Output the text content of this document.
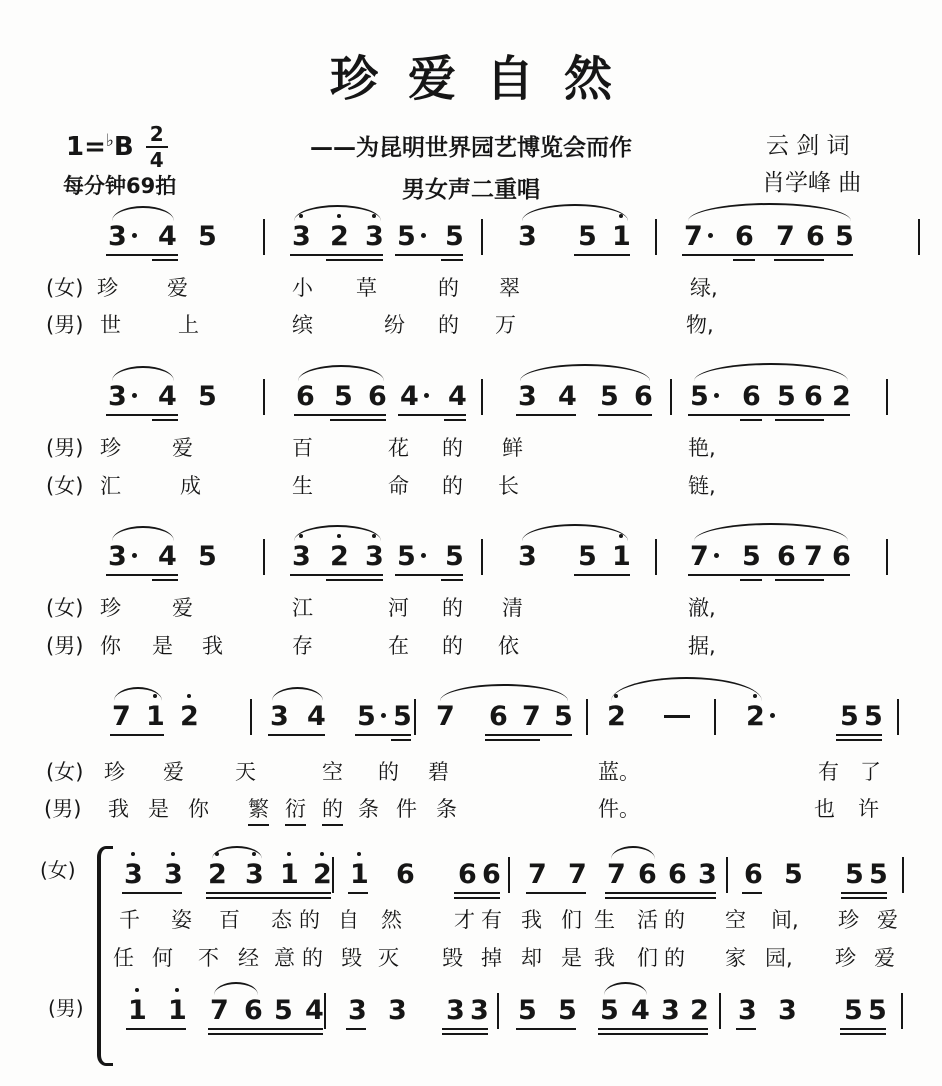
珍爱自然
$1=^♭B \frac{2}{4}$	——为昆明世界园艺博览会而作
每分钟69拍	男女声二重唱
云 剑 词
肖学峰 曲
3	4 5	3 2 3 5	5 3 5 1 7	6 7 6 5
(女) 珍 爱	小 草	的 翠	绿,
(男) 世	上	缤	纷 的 万	物,
3	4 5	6 5 6 4	4 3 4 5 6 5	6 5 6 2
(男) 珍 爱	百	花 的 鲜	艳,
(女) 汇	成	生	命 的 长	链,
3	4 5	3 2 3 5	5 3 5 1 7	5 6 7 6
(女) 珍 爱	江	河 的 清	澈,
(男) 你 是 我	存	在 的 依	据,
7 1 2	3 4 5 5 7 6 7 5 2	2	5 5
(女) 珍 爱 天	空 的 碧	蓝。	有 了
(男) 我 是 你 繁 衍 的 条 件 条	件。	也 许
3 3 2 3 1 2 1 6 6 6 7 7 7 6 6 3 6 5 5 5
千 姿 百 态 的 自 然 才 有 我 们 生 活 的 空 间, 珍 爱
任 何 不 经 意 的 毁 灭 毁 掉 却 是 我 们 的 家 园, 珍 爱
1 1 7 6 5 4 3 3 3 3 5 5 5 4 3 2 3 3 5 5
(女)
(男)
